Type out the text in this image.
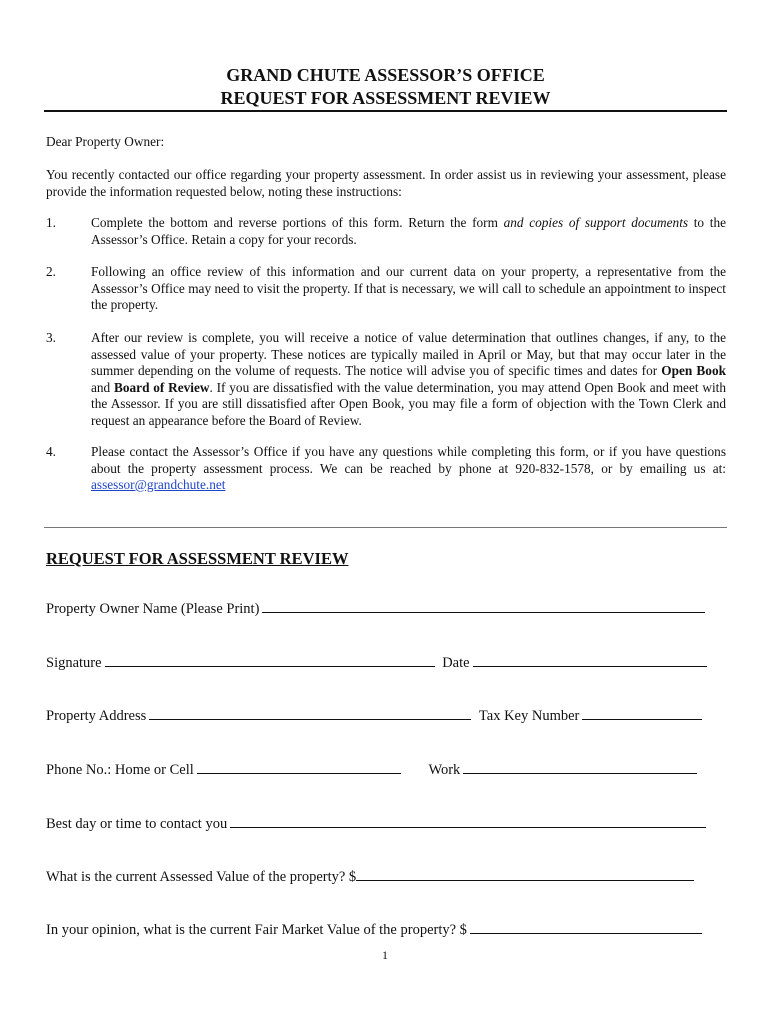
GRAND CHUTE ASSESSOR’S OFFICE
REQUEST FOR ASSESSMENT REVIEW
Dear Property Owner:
You recently contacted our office regarding your property assessment. In order assist us in reviewing your assessment, please provide the information requested below, noting these instructions:
1.	Complete the bottom and reverse portions of this form. Return the form and copies of support documents to the Assessor’s Office. Retain a copy for your records.
2.	Following an office review of this information and our current data on your property, a representative from the Assessor’s Office may need to visit the property. If that is necessary, we will call to schedule an appointment to inspect the property.
3.	After our review is complete, you will receive a notice of value determination that outlines changes, if any, to the assessed value of your property. These notices are typically mailed in April or May, but that may occur later in the summer depending on the volume of requests. The notice will advise you of specific times and dates for Open Book and Board of Review. If you are dissatisfied with the value determination, you may attend Open Book and meet with the Assessor. If you are still dissatisfied after Open Book, you may file a form of objection with the Town Clerk and request an appearance before the Board of Review.
4.	Please contact the Assessor’s Office if you have any questions while completing this form, or if you have questions about the property assessment process. We can be reached by phone at 920-832-1578, or by emailing us at: assessor@grandchute.net
REQUEST FOR ASSESSMENT REVIEW
Property Owner Name (Please Print)
Signature	Date
Property Address	Tax Key Number
Phone No.: Home or Cell	Work
Best day or time to contact you
What is the current Assessed Value of the property? $
In your opinion, what is the current Fair Market Value of the property? $
1
